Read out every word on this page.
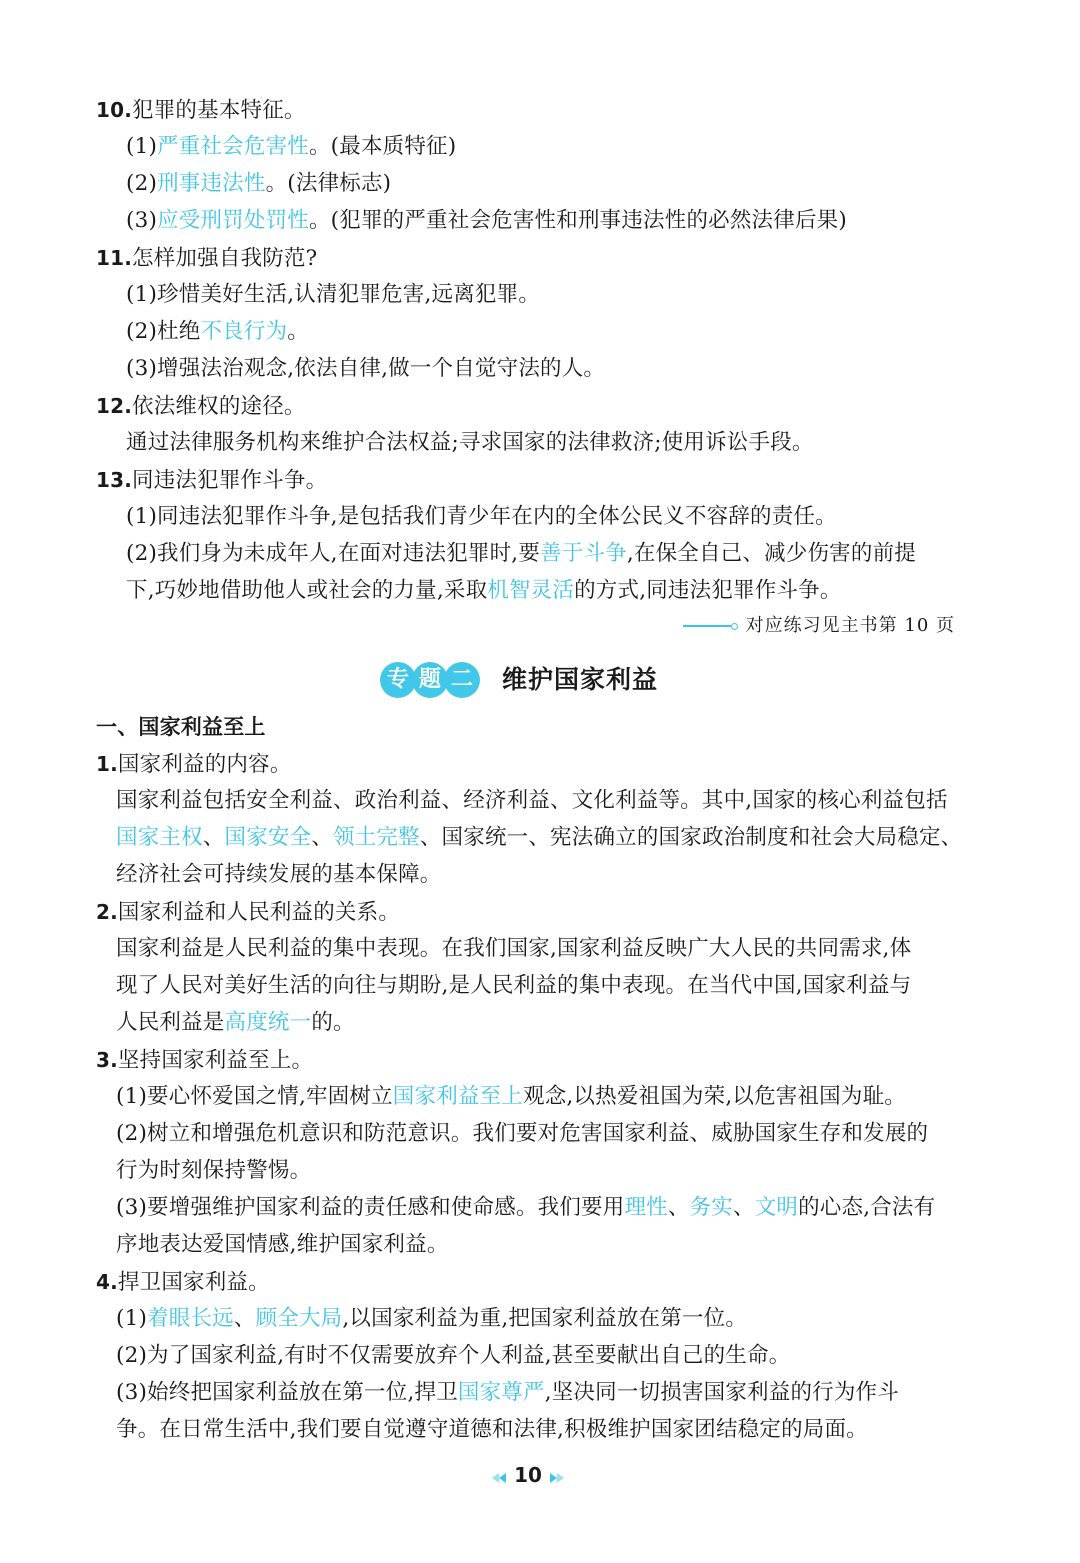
10.犯罪的基本特征。
(1)严重社会危害性。(最本质特征)
(2)刑事违法性。(法律标志)
(3)应受刑罚处罚性。(犯罪的严重社会危害性和刑事违法性的必然法律后果)
11.怎样加强自我防范?
(1)珍惜美好生活,认清犯罪危害,远离犯罪。
(2)杜绝不良行为。
(3)增强法治观念,依法自律,做一个自觉守法的人。
12.依法维权的途径。
通过法律服务机构来维护合法权益;寻求国家的法律救济;使用诉讼手段。
13.同违法犯罪作斗争。
(1)同违法犯罪作斗争,是包括我们青少年在内的全体公民义不容辞的责任。
(2)我们身为未成年人,在面对违法犯罪时,要善于斗争,在保全自己、减少伤害的前提
下,巧妙地借助他人或社会的力量,采取机智灵活的方式,同违法犯罪作斗争。
对应练习见主书第 10 页
专 题 二 维护国家利益
一、国家利益至上
1.国家利益的内容。
国家利益包括安全利益、政治利益、经济利益、文化利益等。其中,国家的核心利益包括
国家主权、国家安全、领土完整、国家统一、宪法确立的国家政治制度和社会大局稳定、
经济社会可持续发展的基本保障。
2.国家利益和人民利益的关系。
国家利益是人民利益的集中表现。在我们国家,国家利益反映广大人民的共同需求,体
现了人民对美好生活的向往与期盼,是人民利益的集中表现。在当代中国,国家利益与
人民利益是高度统一的。
3.坚持国家利益至上。
(1)要心怀爱国之情,牢固树立国家利益至上观念,以热爱祖国为荣,以危害祖国为耻。
(2)树立和增强危机意识和防范意识。我们要对危害国家利益、威胁国家生存和发展的
行为时刻保持警惕。
(3)要增强维护国家利益的责任感和使命感。我们要用理性、务实、文明的心态,合法有
序地表达爱国情感,维护国家利益。
4.捍卫国家利益。
(1)着眼长远、顾全大局,以国家利益为重,把国家利益放在第一位。
(2)为了国家利益,有时不仅需要放弃个人利益,甚至要献出自己的生命。
(3)始终把国家利益放在第一位,捍卫国家尊严,坚决同一切损害国家利益的行为作斗
争。在日常生活中,我们要自觉遵守道德和法律,积极维护国家团结稳定的局面。
10
